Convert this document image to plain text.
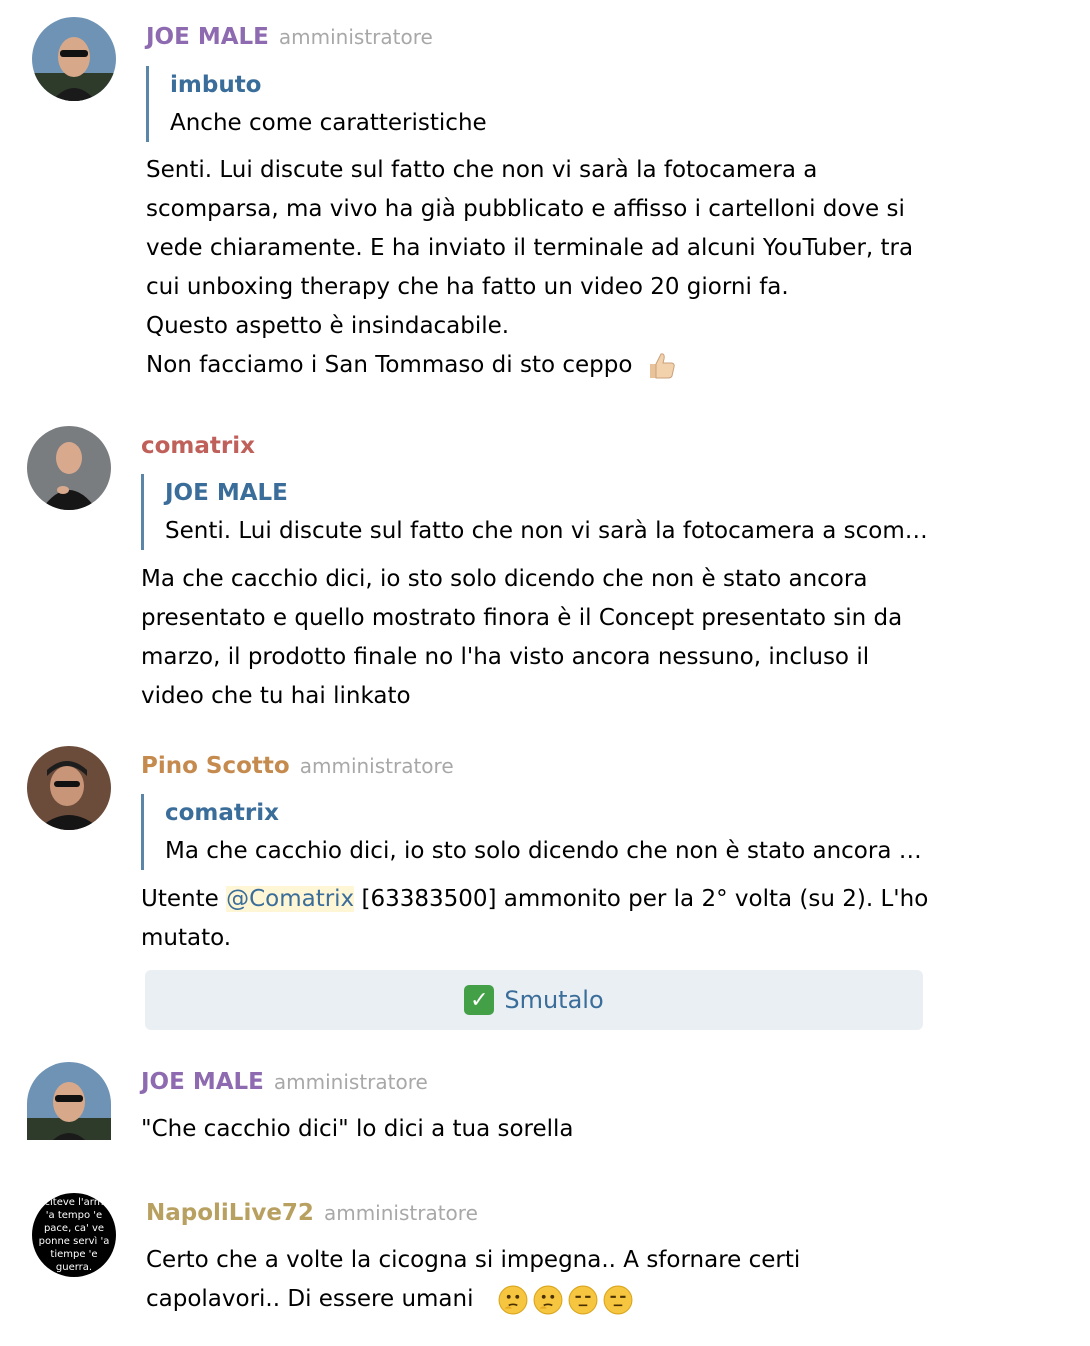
JOE MALE amministratore
imbuto
Anche come caratteristiche
Senti. Lui discute sul fatto che non vi sarà la fotocamera a
scomparsa, ma vivo ha già pubblicato e affisso i cartelloni dove si
vede chiaramente. E ha inviato il terminale ad alcuni YouTuber, tra
cui unboxing therapy che ha fatto un video 20 giorni fa.
Questo aspetto è insindacabile.
Non facciamo i San Tommaso di sto ceppo
comatrix
JOE MALE
Senti. Lui discute sul fatto che non vi sarà la fotocamera a scom…
Ma che cacchio dici, io sto solo dicendo che non è stato ancora
presentato e quello mostrato finora è il Concept presentato sin da
marzo, il prodotto finale no l'ha visto ancora nessuno, incluso il
video che tu hai linkato
Pino Scotto amministratore
comatrix
Ma che cacchio dici, io sto solo dicendo che non è stato ancora …
Utente @Comatrix [63383500] ammonito per la 2° volta (su 2). L'ho
mutato.
✓ Smutalo
JOE MALE amministratore
"Che cacchio dici" lo dici a tua sorella
cìteve l'arm
'a tempo 'e
pace, ca' ve
ponne servì 'a
tiempe 'e
guerra.
NapoliLive72 amministratore
Certo che a volte la cicogna si impegna.. A sfornare certi
capolavori.. Di essere umani
